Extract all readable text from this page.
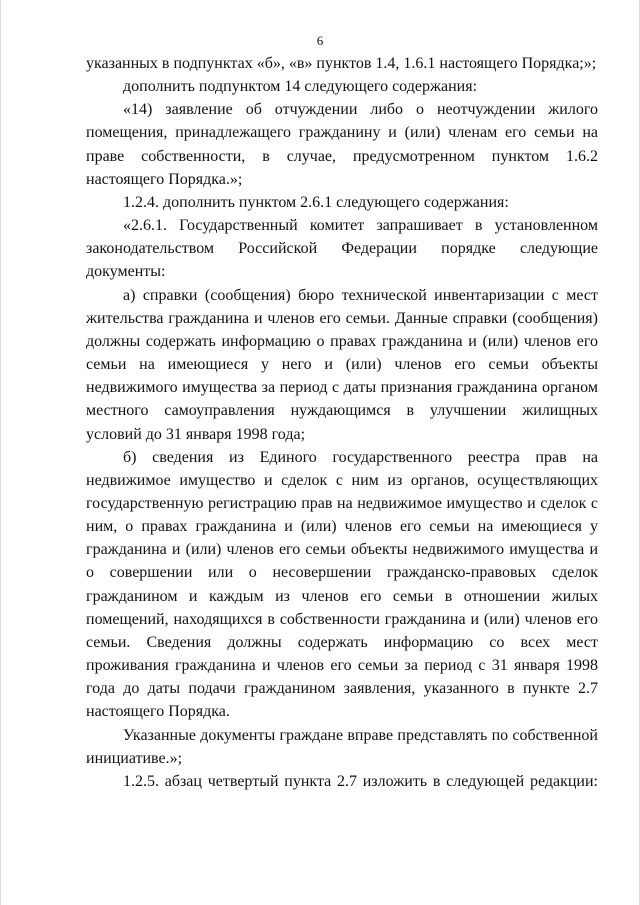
6

указанных в подпунктах «б», «в» пунктов 1.4, 1.6.1 настоящего Порядка;»;

дополнить подпунктом 14 следующего содержания:

«14) заявление об отчуждении либо о неотчуждении жилого помещения, принадлежащего гражданину и (или) членам его семьи на праве собственности, в случае, предусмотренном пунктом 1.6.2 настоящего Порядка.»;

1.2.4. дополнить пунктом 2.6.1 следующего содержания:

«2.6.1. Государственный комитет запрашивает в установленном законодательством Российской Федерации порядке следующие документы:

а) справки (сообщения) бюро технической инвентаризации с мест жительства гражданина и членов его семьи. Данные справки (сообщения) должны содержать информацию о правах гражданина и (или) членов его семьи на имеющиеся у него и (или) членов его семьи объекты недвижимого имущества за период с даты признания гражданина органом местного самоуправления нуждающимся в улучшении жилищных условий до 31 января 1998 года;

б) сведения из Единого государственного реестра прав на недвижимое имущество и сделок с ним из органов, осуществляющих государственную регистрацию прав на недвижимое имущество и сделок с ним, о правах гражданина и (или) членов его семьи на имеющиеся у гражданина и (или) членов его семьи объекты недвижимого имущества и о совершении или о несовершении гражданско-правовых сделок гражданином и каждым из членов его семьи в отношении жилых помещений, находящихся в собственности гражданина и (или) членов его семьи. Сведения должны содержать информацию со всех мест проживания гражданина и членов его семьи за период с 31 января 1998 года до даты подачи гражданином заявления, указанного в пункте 2.7 настоящего Порядка.

Указанные документы граждане вправе представлять по собственной инициативе.»;

1.2.5. абзац четвертый пункта 2.7 изложить в следующей редакции:
